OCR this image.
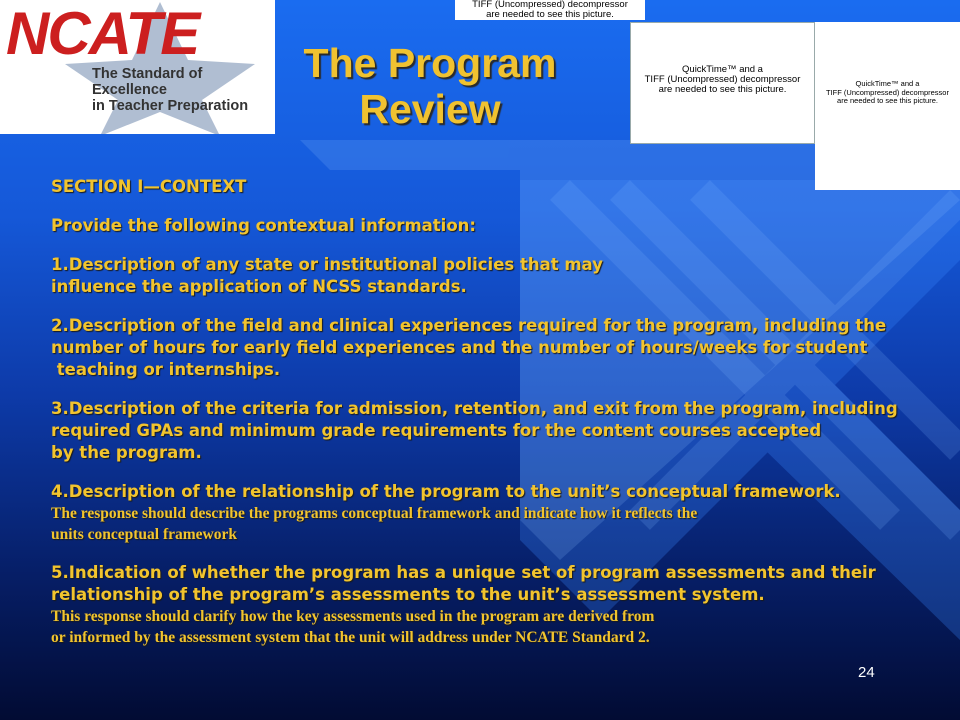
NCATE
The Standard of Excellence
in Teacher Preparation
TIFF (Uncompressed) decompressor
are needed to see this picture.
The Program
Review
QuickTime™ and a
TIFF (Uncompressed) decompressor
are needed to see this picture.
QuickTime™ and a
TIFF (Uncompressed) decompressor
are needed to see this picture.
SECTION I—CONTEXT
Provide the following contextual information:
1.Description of any state or institutional policies that may
influence the application of NCSS standards.
2.Description of the field and clinical experiences required for the program, including the
number of hours for early field experiences and the number of hours/weeks for student
teaching or internships.
3.Description of the criteria for admission, retention, and exit from the program, including
required GPAs and minimum grade requirements for the content courses accepted
by the program.
4.Description of the relationship of the program to the unit’s conceptual framework.
The response should describe the programs conceptual framework and indicate how it reflects the
units conceptual framework
5.Indication of whether the program has a unique set of program assessments and their
relationship of the program’s assessments to the unit’s assessment system.
This response should clarify how the key assessments used in the program are derived from
or informed by the assessment system that the unit will address under NCATE Standard 2.
24
